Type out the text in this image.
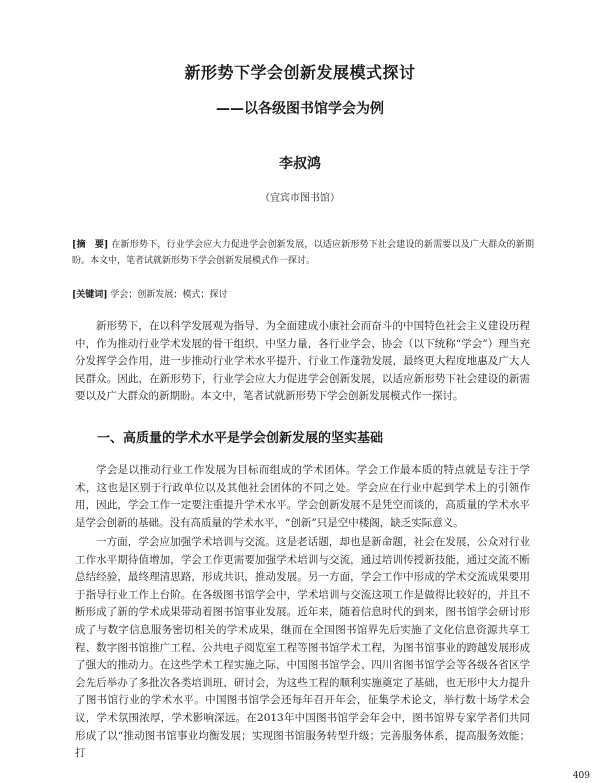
新形势下学会创新发展模式探讨
——以各级图书馆学会为例
李叔鸿
（宜宾市图书馆）
[摘　要] 在新形势下，行业学会应大力促进学会创新发展，以适应新形势下社会建设的新需要以及广大群众的新期盼。本文中，笔者试就新形势下学会创新发展模式作一探讨。
[关键词] 学会；创新发展；模式；探讨

新形势下，在以科学发展观为指导、为全面建成小康社会而奋斗的中国特色社会主义建设历程中，作为推动行业学术发展的骨干组织、中坚力量，各行业学会、协会（以下统称“学会”）理当充分发挥学会作用，进一步推动行业学术水平提升、行业工作蓬勃发展，最终更大程度地惠及广大人民群众。因此，在新形势下，行业学会应大力促进学会创新发展，以适应新形势下社会建设的新需要以及广大群众的新期盼。本文中，笔者试就新形势下学会创新发展模式作一探讨。

一、高质量的学术水平是学会创新发展的坚实基础

学会是以推动行业工作发展为目标而组成的学术团体。学会工作最本质的特点就是专注于学术，这也是区别于行政单位以及其他社会团体的不同之处。学会应在行业中起到学术上的引领作用，因此，学会工作一定要注重提升学术水平。学会创新发展不是凭空而谈的，高质量的学术水平是学会创新的基础。没有高质量的学术水平，“创新”只是空中楼阁，缺乏实际意义。

一方面，学会应加强学术培训与交流。这是老话题，却也是新命题，社会在发展，公众对行业工作水平期待值增加，学会工作更需要加强学术培训与交流，通过培训传授新技能，通过交流不断总结经验，最终理清思路，形成共识，推动发展。另一方面，学会工作中形成的学术交流成果要用于指导行业工作上台阶。在各级图书馆学会中，学术培训与交流这项工作是做得比较好的，并且不断形成了新的学术成果带动着图书馆事业发展。近年来，随着信息时代的到来，图书馆学会研讨形成了与数字信息服务密切相关的学术成果，继而在全国图书馆界先后实施了文化信息资源共享工程、数字图书馆推广工程、公共电子阅览室工程等图书馆学术工程，为图书馆事业的跨越发展形成了强大的推动力。在这些学术工程实施之际，中国图书馆学会、四川省图书馆学会等各级各省区学会先后举办了多批次各类培训班、研讨会，为这些工程的顺利实施奠定了基础，也无形中大力提升了图书馆行业的学术水平。中国图书馆学会还每年召开年会，征集学术论文，举行数十场学术会议，学术氛围浓厚，学术影响深远。在2013年中国图书馆学会年会中，图书馆界专家学者们共同形成了以“推动图书馆事业均衡发展；实现图书馆服务转型升级；完善服务体系，提高服务效能；打

409
